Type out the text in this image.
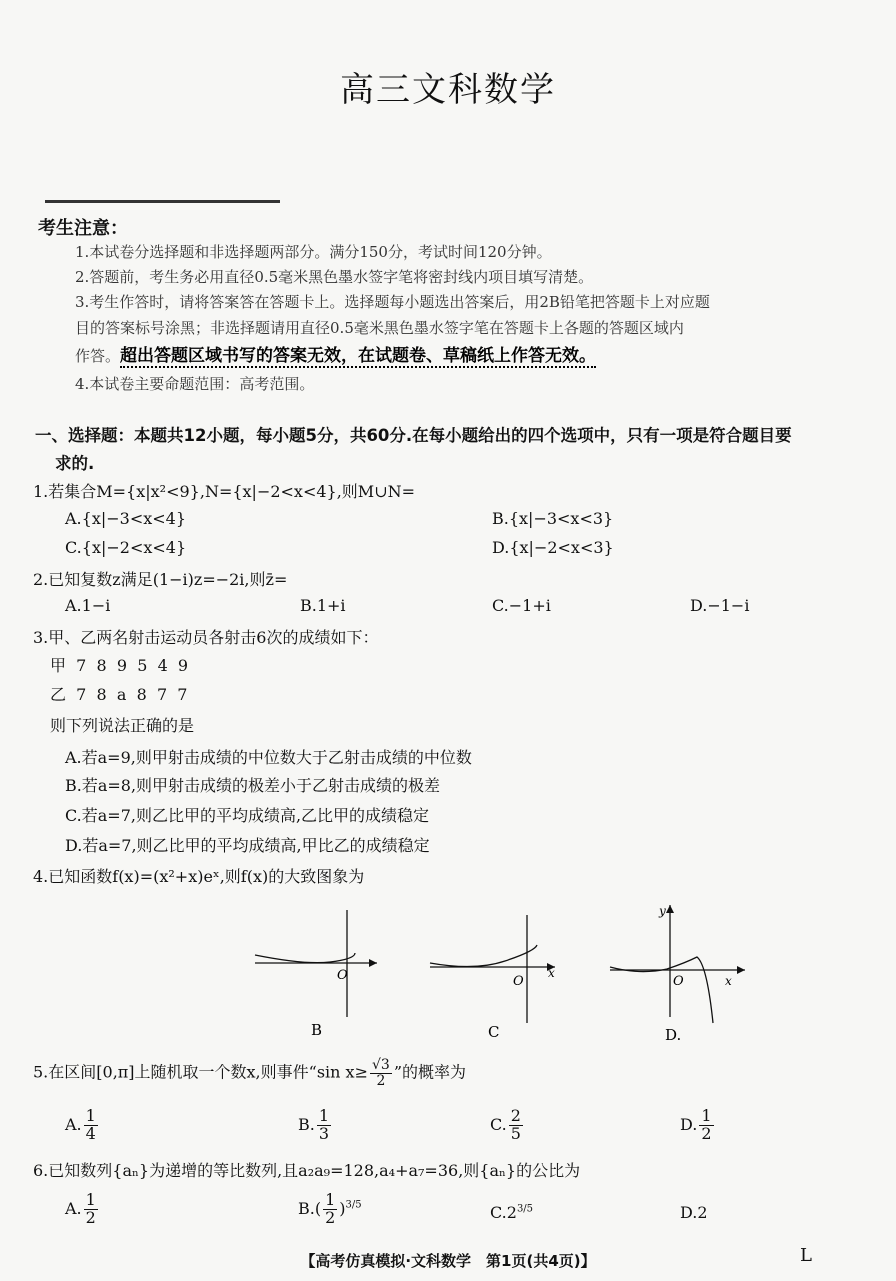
高三文科数学
考生注意：
1.本试卷分选择题和非选择题两部分。满分150分，考试时间120分钟。
2.答题前，考生务必用直径0.5毫米黑色墨水签字笔将密封线内项目填写清楚。
3.考生作答时，请将答案答在答题卡上。选择题每小题选出答案后，用2B铅笔把答题卡上对应题
目的答案标号涂黑；非选择题请用直径0.5毫米黑色墨水签字笔在答题卡上各题的答题区域内
作答。超出答题区域书写的答案无效，在试题卷、草稿纸上作答无效。
4.本试卷主要命题范围：高考范围。
一、选择题：本题共12小题，每小题5分，共60分.在每小题给出的四个选项中，只有一项是符合题目要
求的.
1.若集合M={x|x²<9},N={x|−2<x<4},则M∪N=
A.{x|−3<x<4}	B.{x|−3<x<3}
C.{x|−2<x<4}	D.{x|−2<x<3}
2.已知复数z满足(1−i)z=−2i,则z̄=
A.1−i	B.1+i	C.−1+i	D.−1−i
3.甲、乙两名射击运动员各射击6次的成绩如下：
甲  7  8  9  5  4  9
乙  7  8  a  8  7  7
则下列说法正确的是
A.若a=9,则甲射击成绩的中位数大于乙射击成绩的中位数
B.若a=8,则甲射击成绩的极差小于乙射击成绩的极差
C.若a=7,则乙比甲的平均成绩高,乙比甲的成绩稳定
D.若a=7,则乙比甲的平均成绩高,甲比乙的成绩稳定
4.已知函数f(x)=(x²+x)eˣ,则f(x)的大致图象为
O
B
O
x
C
y
O	x
D.
5.在区间[0,π]上随机取一个数x,则事件“sin $x\ge \frac{√3}{2}$ ”的概率为
A. $\frac{1}{4}$	B. $\frac{1}{3}$	C. $\frac{2}{5}$	D. $\frac{1}{2}$
6.已知数列{aₙ}为递增的等比数列,且a₂a₉=128,a₄+a₇=36,则{aₙ}的公比为
A. $\frac{1}{2}$	$B.( \frac{1}{2} )^{3/5}$	$C.2^{3/5}$	D.2
【高考仿真模拟·文科数学　第1页(共4页)】	L
